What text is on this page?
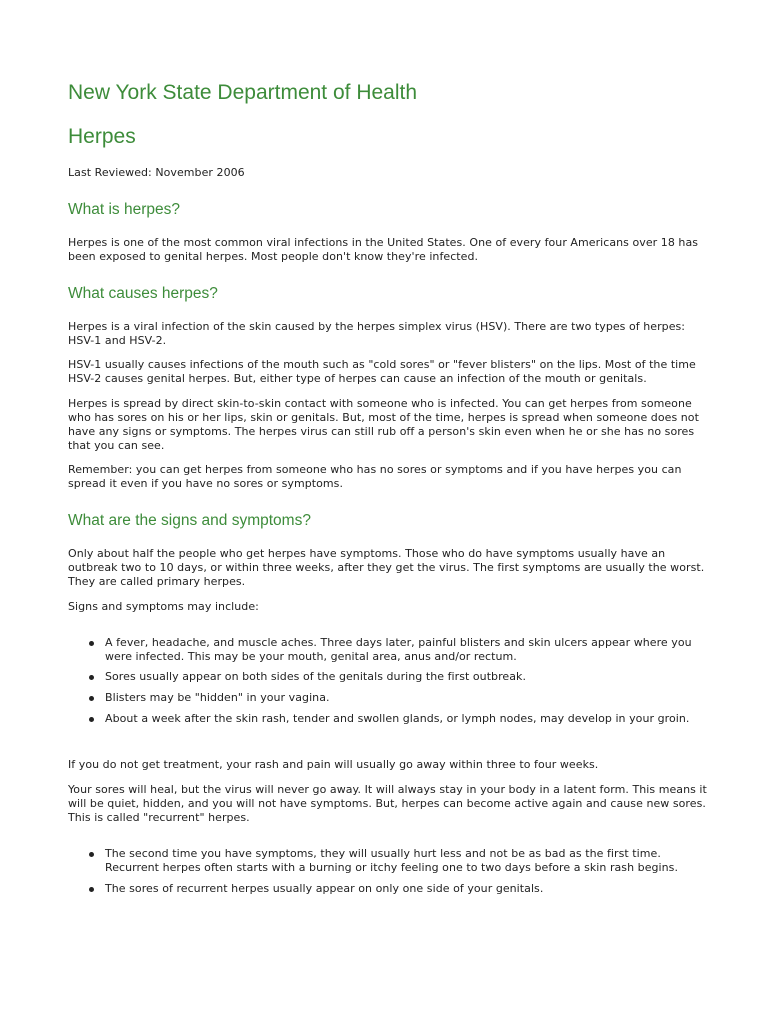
New York State Department of Health
Herpes

Last Reviewed: November 2006

What is herpes?

Herpes is one of the most common viral infections in the United States. One of every four Americans over 18 has been exposed to genital herpes. Most people don't know they're infected.

What causes herpes?

Herpes is a viral infection of the skin caused by the herpes simplex virus (HSV). There are two types of herpes: HSV-1 and HSV-2.

HSV-1 usually causes infections of the mouth such as "cold sores" or "fever blisters" on the lips. Most of the time HSV-2 causes genital herpes. But, either type of herpes can cause an infection of the mouth or genitals.

Herpes is spread by direct skin-to-skin contact with someone who is infected. You can get herpes from someone who has sores on his or her lips, skin or genitals. But, most of the time, herpes is spread when someone does not have any signs or symptoms. The herpes virus can still rub off a person's skin even when he or she has no sores that you can see.

Remember: you can get herpes from someone who has no sores or symptoms and if you have herpes you can spread it even if you have no sores or symptoms.

What are the signs and symptoms?

Only about half the people who get herpes have symptoms. Those who do have symptoms usually have an outbreak two to 10 days, or within three weeks, after they get the virus. The first symptoms are usually the worst. They are called primary herpes.

Signs and symptoms may include:

A fever, headache, and muscle aches. Three days later, painful blisters and skin ulcers appear where you were infected. This may be your mouth, genital area, anus and/or rectum.
Sores usually appear on both sides of the genitals during the first outbreak.
Blisters may be "hidden" in your vagina.
About a week after the skin rash, tender and swollen glands, or lymph nodes, may develop in your groin.

If you do not get treatment, your rash and pain will usually go away within three to four weeks.

Your sores will heal, but the virus will never go away. It will always stay in your body in a latent form. This means it will be quiet, hidden, and you will not have symptoms. But, herpes can become active again and cause new sores. This is called "recurrent" herpes.

The second time you have symptoms, they will usually hurt less and not be as bad as the first time. Recurrent herpes often starts with a burning or itchy feeling one to two days before a skin rash begins.
The sores of recurrent herpes usually appear on only one side of your genitals.
